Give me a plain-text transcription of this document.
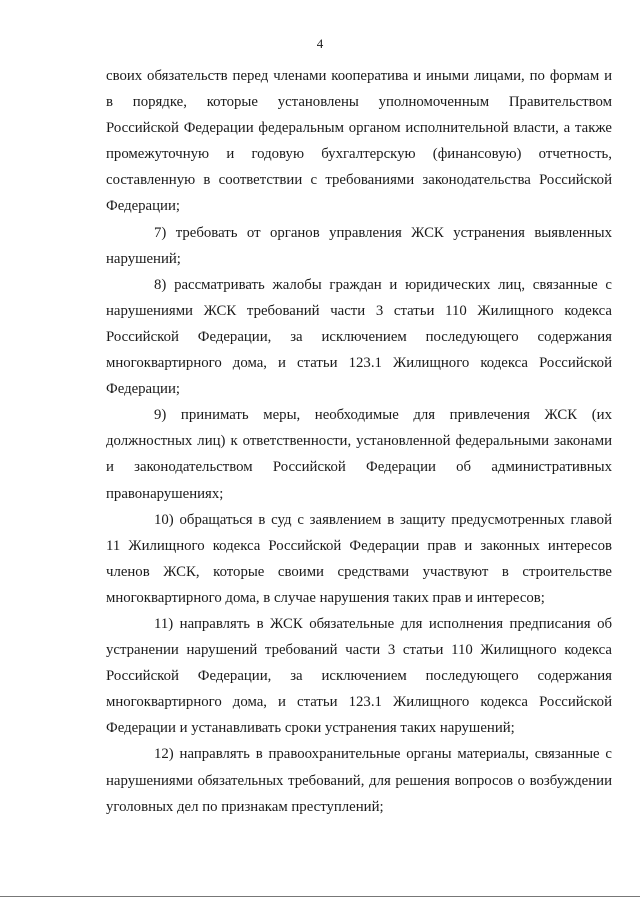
4
своих обязательств перед членами кооператива и иными лицами, по формам и
в порядке, которые установлены уполномоченным Правительством
Российской Федерации федеральным органом исполнительной власти, а также
промежуточную и годовую бухгалтерскую (финансовую) отчетность,
составленную в соответствии с требованиями законодательства Российской
Федерации;
7) требовать от органов управления ЖСК устранения выявленных
нарушений;
8) рассматривать жалобы граждан и юридических лиц, связанные с
нарушениями ЖСК требований части 3 статьи 110 Жилищного кодекса
Российской Федерации, за исключением последующего содержания
многоквартирного дома, и статьи 123.1 Жилищного кодекса Российской
Федерации;
9) принимать меры, необходимые для привлечения ЖСК (их
должностных лиц) к ответственности, установленной федеральными законами
и законодательством Российской Федерации об административных
правонарушениях;
10) обращаться в суд с заявлением в защиту предусмотренных главой
11 Жилищного кодекса Российской Федерации прав и законных интересов
членов ЖСК, которые своими средствами участвуют в строительстве
многоквартирного дома, в случае нарушения таких прав и интересов;
11) направлять в ЖСК обязательные для исполнения предписания об
устранении нарушений требований части 3 статьи 110 Жилищного кодекса
Российской Федерации, за исключением последующего содержания
многоквартирного дома, и статьи 123.1 Жилищного кодекса Российской
Федерации и устанавливать сроки устранения таких нарушений;
12) направлять в правоохранительные органы материалы, связанные с
нарушениями обязательных требований, для решения вопросов о возбуждении
уголовных дел по признакам преступлений;
